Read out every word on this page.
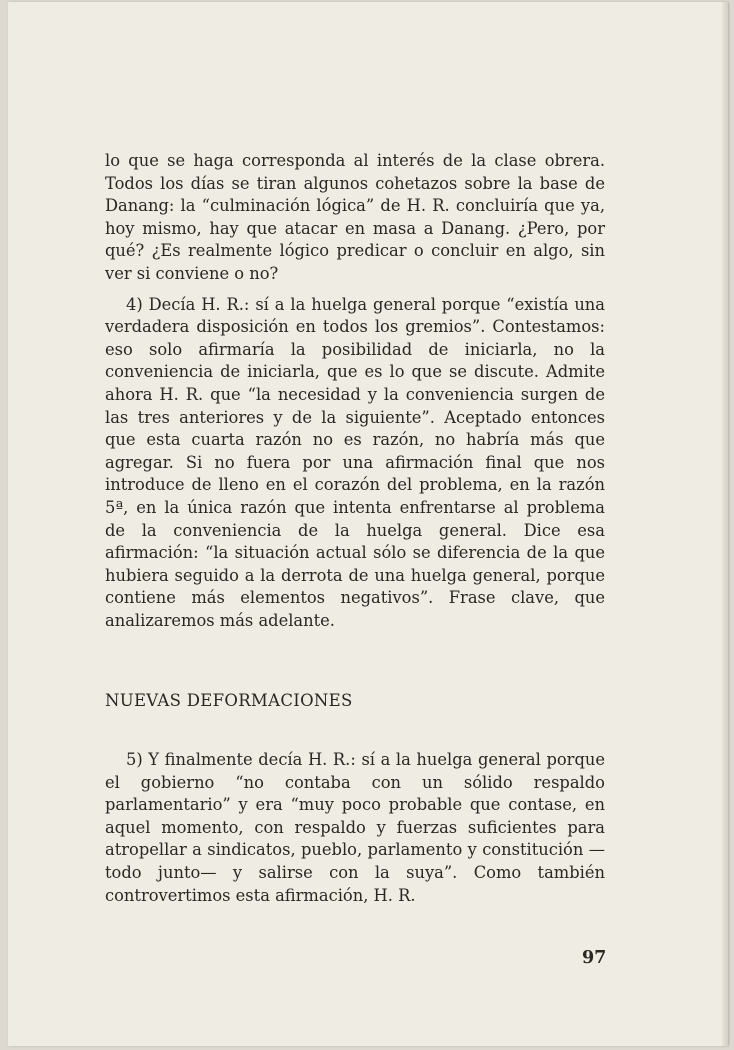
lo que se haga corresponda al interés de la clase obrera. Todos los días se tiran algunos cohetazos sobre la base de Danang: la “culminación lógica” de H. R. concluiría que ya, hoy mismo, hay que atacar en masa a Danang. ¿Pero, por qué? ¿Es realmente lógico predicar o concluir en algo, sin ver si conviene o no?

4) Decía H. R.: sí a la huelga general porque “existía una verdadera disposición en todos los gremios”. Contestamos: eso solo afirmaría la posibilidad de iniciarla, no la conveniencia de iniciarla, que es lo que se discute. Admite ahora H. R. que “la necesidad y la conveniencia surgen de las tres anteriores y de la siguiente”. Aceptado entonces que esta cuarta razón no es razón, no habría más que agregar. Si no fuera por una afirmación final que nos introduce de lleno en el corazón del problema, en la razón 5ª, en la única razón que intenta enfrentarse al problema de la conveniencia de la huelga general. Dice esa afirmación: “la situación actual sólo se diferencia de la que hubiera seguido a la derrota de una huelga general, porque contiene más elementos negativos”. Frase clave, que analizaremos más adelante.

NUEVAS DEFORMACIONES

5) Y finalmente decía H. R.: sí a la huelga general porque el gobierno “no contaba con un sólido respaldo parlamentario” y era “muy poco probable que contase, en aquel momento, con respaldo y fuerzas suficientes para atropellar a sindicatos, pueblo, parlamento y constitución —todo junto— y salirse con la suya”. Como también controvertimos esta afirmación, H. R.

97
